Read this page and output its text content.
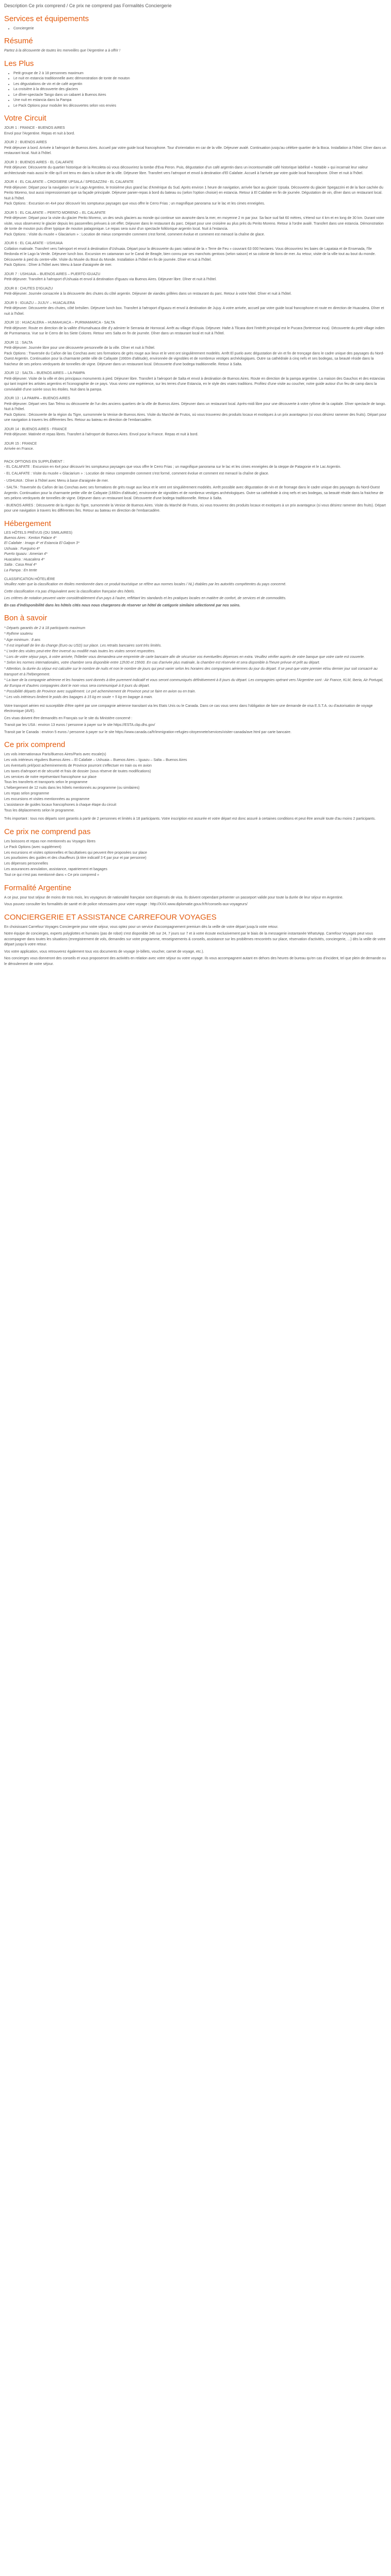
Description Ce prix comprend / Ce prix ne comprend pas Formalités Conciergerie
Services et équipements
• Conciergerie
Résumé

Partez à la découverte de toutes les merveilles que l'Argentine a à offrir !

Les Plus
• Petit groupe de 2 à 18 personnes maximum
• Le nuit en estancia traditionnelle avec démonstration de tonte de mouton
• Les dégustations de vin et de café argentin
• La croisière à la découverte des glaciers
• Le dîner-spectacle Tango dans un cabaret à Buenos Aires
• Une nuit en estancia dans la Pampa
• Le Pack Options pour moduler les découvertes selon vos envies
Votre Circuit
JOUR 1 : FRANCE - BUENOS AIRES
Envol pour l'Argentine. Repas et nuit à bord.
JOUR 2 : BUENOS AIRES
Petit déjeuner à bord. Arrivée à l'aéroport de Buenos Aires. Accueil par votre guide local francophone. Tour d'orientation en car de la ville. Déjeuner avalé. Continuation jusqu'au célèbre quartier de la Boca. Installation à l'hôtel. Dîner dans un restaurant local. Nuit à l'hôtel.
JOUR 3 : BUENOS AIRES - EL CALAFATE
Petit déjeuner. Découverte du quartier historique de la Recoleta où vous découvrirez la tombe d'Eva Peron. Puis, dégustation d'un café argentin dans un incontournable café historique labélisé « Notable » qui incarnait leur valeur architecturale mais aussi le rôle qu'il ont tenu en dans la culture de la ville. Déjeuner libre. Transfert vers l'aéroport et envol à destination d'El Calafate. Accueil à l'arrivée par votre guide local francophone. Dîner et nuit à l'hôtel.
JOUR 4 : EL CALAFATE – CROISIERE UPSALA / SPEGAZZINI - EL CALAFATE
Petit-déjeuner. Départ pour la navigation sur le Lago Argentino, le troisième plus grand lac d'Amérique du Sud. Après environ 1 heure de navigation, arrivée face au glacier Upsala. Découverte du glacier Spegazzini et de la face cachée du Perito Moreno, tout aussi impressionnant que sa façade principale. Déjeuner panier-repas à bord du bateau ou (selon l'option choisie) en estancia. Retour à El Calafate en fin de journée. Dégustation de vin, dîner dans un restaurant local. Nuit à l'hôtel.
Pack Options : Excursion en 4x4 pour découvrir les somptueux paysages que vous offre le Cerro Frias ; un magnifique panorama sur le lac et les cimes enneigées.
JOUR 5 : EL CALAFATE – PERITO MORENO – EL CALAFATE
Petit-déjeuner. Départ pour la visite du glacier Perito Moreno, un des seuls glaciers au monde qui continue son avancée dans la mer, en moyenne 2 m par jour. Sa face sud fait 60 mètres, s'étend sur 4 km et en long de 30 km. Durant votre visite, vous observerez le glacier depuis les passerelles prévues à cet effet. Déjeuner dans le restaurant du parc. Départ pour une croisière au plus près du Perito Moreno. Retour à l'ordre avalé. Transfert dans une estancia. Démonstration de tonte de mouton puis dîner typique de mouton patagonique. Le repas sera suivi d'un spectacle folklorique argentin local. Nuit à l'estancia.
Pack Options : Visite du musée « Glaciarium » : Locution de mieux comprendre comment s'est formé, comment évolue et comment est menacé la chaîne de glace.
JOUR 6 : EL CALAFATE - USHUAIA
Collation matinale. Transfert vers l'aéroport et envol à destination d'Ushuaia. Départ pour la découverte du parc national de la « Terre de Feu » couvrant 63 000 hectares. Vous découvrirez les baies de Lapataia et de Ensenada, l'île Redonda et le Lago la Verde. Déjeuner lunch box. Excursion en catamaran sur le Canal de Beagle, bien connu par ses manchots gentoos (selon saison) et sa colonie de lions de mer. Au retour, visite de la ville tout au bout du monde. Découverte à pied du centre-ville. Visite du Musée du Bout du Monde. Installation à l'hôtel en fin de journée. Dîner et nuit à l'hôtel.
Pack Options : Dîner à l'hôtel avec Menu à base d'araignée de mer.
JOUR 7 : USHUAIA – BUENOS AIRES – PUERTO IGUAZU
Petit-déjeuner. Transfert à l'aéroport d'Ushuaia et envol à destination d'Iguazu via Buenos Aires. Déjeuner libre. Dîner et nuit à l'hôtel.
JOUR 8 : CHUTES D'IGUAZU
Petit-déjeuner. Journée consacrée à la découverte des chutes du côté argentin. Déjeuner de viandes grillées dans un restaurant du parc. Retour à votre hôtel. Dîner et nuit à l'hôtel.
JOUR 9 : IGUAZU – JUJUY – HUACALERA
Petit-déjeuner. Découverte des chutes, côté brésilien. Déjeuner lunch box. Transfert à l'aéroport d'Iguazu et envol à destination de Jujuy. A votre arrivée, accueil par votre guide local francophone et route en direction de Huacalera. Dîner et nuit à l'hôtel.
JOUR 10 : HUACALERA – HUMAHUACA – PURMAMARCA - SALTA
Petit-déjeuner. Route en direction de la vallée d'Humahuaca dite d'y admirer le Serrania de Hornocal. Arrêt au village d'Uquia. Déjeuner. Halte à Tilcara dont l'intérêt principal est le Pucara (forteresse inca). Découverte du petit village indien de Purmamarca. Vue sur le Cerro de los Siete Colores. Retour vers Salta en fin de journée. Dîner dans un restaurant local et nuit à l'hôtel.
JOUR 11 : SALTA
Petit-déjeuner. Journée libre pour une découverte personnelle de la ville. Dîner et nuit à l'hôtel.
Pack Options : Traversée du Cañon de las Conchas avec ses formations de grès rouge aux lieux et le vent ont singulièrement modelés. Arrêt El puelo avec dégustation de vin et fin de tronçage dans le cadre unique des paysages du Nord-Ouest Argentin. Continuation pour la charmante petite ville de Cafayate (1660m d'altitude), environnée de vignobles et de nombreux vestiges archéologiques. Outre sa cathédrale à cinq nefs et ses bodegas, sa beauté réside dans la fraicheur de ses pelons verdoyants de tonnelles de vigne. Déjeuner dans un restaurant local. Découverte d'une bodega traditionnelle. Retour à Salta.
JOUR 12 : SALTA – BUENOS AIRES – LA PAMPA
Petit-déjeuner. Visite de la ville et des principaux monuments à pied. Déjeuner libre. Transfert à l'aéroport de Salta et envol à destination de Buenos Aires. Route en direction de la pampa argentine. La maison des Gauchos et des estancias qui tant inspiré les artistes argentins et l'iconographie de ce pays. Vous vivrez une expérience, sur les terres d'une Estancia, en le style des vraies traditions. Profitez d'une visite au coucher, notre guide autour d'un feu de camp dans la convivialité d'une soirée sous les étoiles. Nuit dans la pampa.
JOUR 13 : LA PAMPA – BUENOS AIRES
Petit-déjeuner. Départ vers San Telmo ou découverte de l'un des anciens quartiers de la ville de Buenos Aires. Déjeuner dans un restaurant local. Après-midi libre pour une découverte à votre rythme de la capitale. Dîner spectacle de tango. Nuit à l'hôtel.
Pack Options : Découverte de la région du Tigre, surnommée la Venise de Buenos Aires. Visite du Marché de Frutos, où vous trouverez des produits locaux et exotiques à un prix avantageux (si vous désirez ramener des fruits). Départ pour une navigation à travers les différentes îles. Retour au bateau en direction de l'embarcadère.
JOUR 14 : BUENOS AIRES - FRANCE
Petit-déjeuner. Matinée et repas libres. Transfert à l'aéroport de Buenos Aires. Envol pour la France. Repas et nuit à bord.
JOUR 15 : FRANCE
Arrivée en France.
PACK OPTIONS EN SUPPLÉMENT :

- EL CALAFATE : Excursion en 4x4 pour découvrir les somptueux paysages que vous offre le Cerro Frias ; un magnifique panorama sur le lac et les cimes enneigées de la steppe de Patagonie et le Lac Argentin.

- EL CALAFATE : Visite du musée « Glaciarium » : Locution de mieux comprendre comment s'est formé, comment évolue et comment est menacé la chaîne de glace.

- USHUAIA : Dîner à l'hôtel avec Menu à base d'araignée de mer.

- SALTA : Traversée du Cañon de las Conchas avec ses formations de grès rouge aux lieux et le vent ont singulièrement modelés. Arrêt possible avec dégustation de vin et de fromage dans le cadre unique des paysages du Nord-Ouest Argentin. Continuation pour la charmante petite ville de Cafayate (1660m d'altitude), environnée de vignobles et de nombreux vestiges archéologiques. Outre sa cathédrale à cinq nefs et ses bodegas, sa beauté réside dans la fraicheur de ses pelons verdoyants de tonnelles de vigne. Déjeuner dans un restaurant local. Découverte d'une bodega traditionnelle. Retour à Salta.

- BUENOS AIRES : Découverte de la région du Tigre, surnommée la Venise de Buenos Aires. Visite du Marché de Frutos, où vous trouverez des produits locaux et exotiques à un prix avantageux (si vous désirez ramener des fruits). Départ pour une navigation à travers les différentes îles. Retour au bateau en direction de l'embarcadère.

Hébergement
LES HÔTELS PRÉVUS (OU SIMILAIRES)
Buenos Aires : Kenton Palace 4*
El Calafate : Imago 4* et Estancia El Galpon 3*
Ushuaia : Fueguino 4*
Puerto Iguazu : Amerian 4*
Huacalera : Huacalera 4*
Salta : Casa Real 4*
La Pampa : En tente
CLASSIFICATION HÔTELIÈRE

Veuillez noter que la classification en étoiles mentionnée dans ce produit touristique se réfère aux normes locales / NL) établies par les autorités compétentes du pays concerné.

Cette classification n'a pas d'équivalent avec la classification française des hôtels.

Les critères de notation peuvent varier considérablement d'un pays à l'autre, reflétant les standards et les pratiques locales en matière de confort, de services et de commodités.

En cas d'indisponibilité dans les hôtels cités nous nous chargerons de réserver un hôtel de catégorie similaire sélectionné par nos soins.

Bon à savoir
* Départs garantis de 2 à 18 participants maximum
* Rythme soutenu
* Age minimum : 8 ans
* Il est impératif de lire du change (Euro ou USD) sur place. Les retraits bancaires sont très limités.
* L'ordre des visites peut-etre être inversé ou modifié mais toutes les visites seront respectées.
* Lors de votre séjour pays, à votre arrivée, l'hôtelier vous demandera une empreinte de carte bancaire afin de sécuriser vos éventuelles dépenses en extra. Veuillez vérifier auprès de votre banque que votre carte est couverte.
* Selon les normes internationales, votre chambre sera disponible entre 12h30 et 15h00. En cas d'arrivée plus matinale, la chambre est réservée et sera disponible à l'heure prévue et prêt au départ.
* Attention, la durée du séjour est calculée sur le nombre de nuits et non le nombre de jours qui peut varier selon les horaires des compagnies aériennes du jour du départ. Il se peut que votre premier et/ou dernier jour soit consacré au transport et à l'hébergement.
* La taxe de la compagnie aérienne et les horaires sont donnés à titre purement indicatif et vous seront communiqués définitivement à 8 jours du départ. Les compagnies opérant vers l'Argentine sont : Air France, KLM, Iberia, Air Portugal, Air Europa et d'autres compagnies dont le nom vous sera communiqué à 8 jours du départ.
* Possibilité départs de Province avec supplément. Le pré acheminement de Province peut se faire en avion ou en train.
* Les vols intérieurs limitent le poids des bagages à 15 kg en soute + 5 kg en bagage à main.

Votre transport aérien est susceptible d'être opéré par une compagnie aérienne transitant via les Etats Unis ou le Canada. Dans ce cas vous serez dans l'obligation de faire une demande de visa E.S.T.A. ou d'autorisation de voyage électronique (AVE).

Ces visas doivent être demandés en Français sur le site du Ministère concerné :

Transit par les USA : environ 13 euros / personne à payer sur le site https://ESTA.cbp.dhs.gov/

Transit par le Canada : environ 5 euros / personne à payer sur le site https://www.canada.ca/fr/immigration-refugies-citoyennete/services/visiter-canada/ave.html par carte bancaire.

Ce prix comprend
Les vols internationaux Paris/Buenos Aires/Paris avec escale(s)
Les vols intérieurs réguliers Buenos Aires – El Calafate – Ushuaia – Buenos Aires – Iguazu – Salta – Buenos Aires
Les éventuels pré/post acheminements de Province pourront s'effectuer en train ou en avion
Les taxes d'aéroport et de sécurité et frais de dossier (sous réserve de toutes modifications)
Les services de notre représentant francophone sur place
Tous les transferts et transports selon le programme
L'hébergement de 12 nuits dans les hôtels mentionnés au programme (ou similaires)
Les repas selon programme
Les excursions et visites mentionnées au programme
L'assistance de guides locaux francophones à chaque étape du circuit
Tous les déplacements selon le programme.

Très important : tous nos départs sont garantis à partir de 2 personnes et limités à 18 participants. Votre inscription est assurée et votre départ est donc assuré à certaines conditions et peut être annulé toute d'au moins 2 participants.

Ce prix ne comprend pas
Les boissons et repas non mentionnés au Voyages libres
Le Pack Options (avec supplément)
Les excursions et visites optionnelles et facultatives qui peuvent être proposées sur place
Les pourboires des guides et des chauffeurs (à titre indicatif 3 € par jour et par personne)
Les dépenses personnelles
Les assurances annulation, assistance, rapatriement et bagages
Tout ce qui n'est pas mentionné dans « Ce prix comprend »
Formalité Argentine

A ce jour, pour tout séjour de moins de trois mois, les voyageurs de nationalité française sont dispensés de visa. Ils doivent cependant présenter un passeport valide pour toute la durée de leur séjour en Argentine.

Vous pouvez consulter les formalités de santé et de police nécessaires pour votre voyage : http://XXX.www.diplomatie.gouv.fr/fr/conseils-aux-voyageurs/

CONCIERGERIE ET ASSISTANCE CARREFOUR VOYAGES

En choisissant Carrefour Voyages Conciergerie pour votre séjour, vous optez pour un service d'accompagnement premium dès la veille de votre départ jusqu'à votre retour.

Notre équipe de concierges, experts polyglottes et humains (pas de robot) s'est disponible 24h sur 24, 7 jours sur 7 et à votre écoute exclusivement par le biais de la messagerie instantanée WhatsApp. Carrefour Voyages peut vous accompagner dans toutes les situations (enregistrement de vols, demandes sur votre programme, renseignements & conseils, assistance sur les problèmes rencontrés sur place, réservation d'activités, conciergerie, ...) dès la veille de votre départ jusqu'à votre retour.

Vos votre application, vous retrouverez également tous vos documents de voyage (e-billets, voucher, carnet de voyage, etc.).

Nos concierges vous donneront des conseils et vous proposeront des activités en relation avec votre séjour ou votre voyage. Ils vous accompagnent autant en dehors des heures de bureau qu'en cas d'incident, tel que plein de demande ou le déroulement de votre séjour.
